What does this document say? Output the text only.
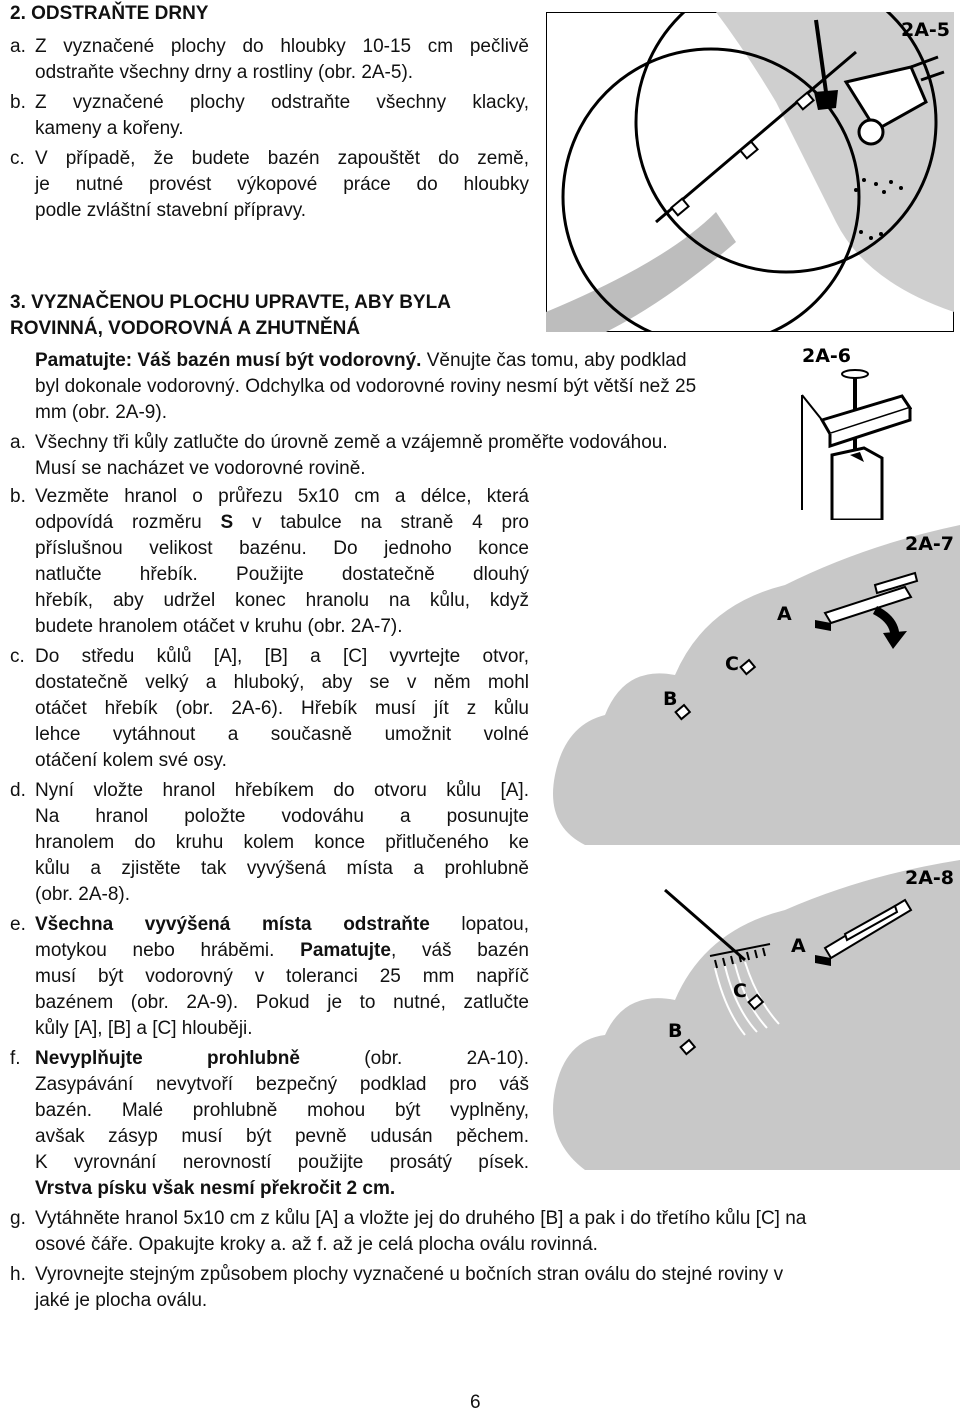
2. ODSTRAŇTE DRNY
a. Z vyznačené plochy do hloubky 10-15 cm pečlivě
odstraňte všechny drny a rostliny (obr. 2A-5).
b. Z vyznačené plochy odstraňte všechny klacky,
kameny a kořeny.
c. V případě, že budete bazén zapouštět do země,
je nutné provést výkopové práce do hloubky
podle zvláštní stavební přípravy.
2A-5
3. VYZNAČENOU PLOCHU UPRAVTE, ABY BYLA
ROVINNÁ, VODOROVNÁ A ZHUTNĚNÁ
Pamatujte: Váš bazén musí být vodorovný. Věnujte čas tomu, aby podklad
byl dokonale vodorovný. Odchylka od vodorovné roviny nesmí být větší než 25
mm (obr. 2A-9).
2A-6
a. Všechny tři kůly zatlučte do úrovně země a vzájemně proměřte vodováhou.
Musí se nacházet ve vodorovné rovině.
b. Vezměte hranol o průřezu 5x10 cm a délce, která
odpovídá rozměru S v tabulce na straně 4 pro
příslušnou velikost bazénu. Do jednoho konce
natlučte hřebík. Použijte dostatečně dlouhý
hřebík, aby udržel konec hranolu na kůlu, když
budete hranolem otáčet v kruhu (obr. 2A-7).
c. Do středu kůlů [A], [B] a [C] vyvrtejte otvor,
dostatečně velký a hluboký, aby se v něm mohl
otáčet hřebík (obr. 2A-6). Hřebík musí jít z kůlu
lehce vytáhnout a současně umožnit volné
otáčení kolem své osy.
2A-7
A
C
B
d. Nyní vložte hranol hřebíkem do otvoru kůlu [A].
Na hranol položte vodováhu a posunujte
hranolem do kruhu kolem konce přitlučeného ke
kůlu a zjistěte tak vyvýšená místa a prohlubně
(obr. 2A-8).
2A-8
A
C
B
e. Všechna vyvýšená místa odstraňte lopatou,
motykou nebo hráběmi. Pamatujte, váš bazén
musí být vodorovný v toleranci 25 mm napříč
bazénem (obr. 2A-9). Pokud je to nutné, zatlučte
kůly [A], [B] a [C] hlouběji.
f. Nevyplňujte prohlubně (obr. 2A-10).
Zasypávání nevytvoří bezpečný podklad pro váš
bazén. Malé prohlubně mohou být vyplněny,
avšak zásyp musí být pevně udusán pěchem.
K vyrovnání nerovností použijte prosátý písek.
Vrstva písku však nesmí překročit 2 cm.
g. Vytáhněte hranol 5x10 cm z kůlu [A] a vložte jej do druhého [B] a pak i do třetího kůlu [C] na
osové čáře. Opakujte kroky a. až f. až je celá plocha oválu rovinná.
h. Vyrovnejte stejným způsobem plochy vyznačené u bočních stran oválu do stejné roviny v
jaké je plocha oválu.
6
